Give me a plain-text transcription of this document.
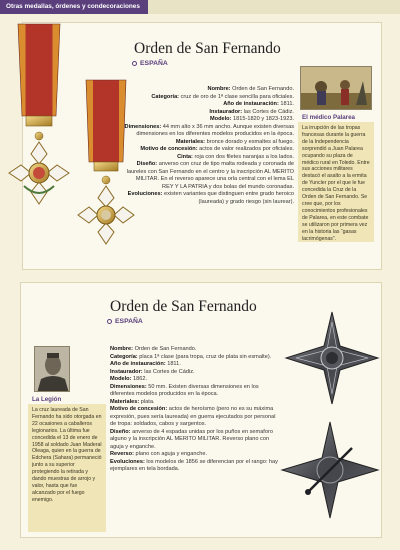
Otras medallas, órdenes y condecoraciones
Orden de San Fernando
ESPAÑA
Nombre: Orden de San Fernando.
Categoría: cruz de oro de 1ª clase sencilla para oficiales.
Año de instauración: 1811.
Instaurador: las Cortes de Cádiz.
Modelo: 1815-1820 y 1823-1923.
Dimensiones: 44 mm alto x 36 mm ancho. Aunque existen diversas dimensiones en los diferentes modelos producidos en la época.
Materiales: bronce dorado y esmaltes al fuego.
Motivo de concesión: actos de valor realizados por oficiales.
Cinta: roja con dos filetes naranjas a los lados.
Diseño: anverso con cruz de tipo malta rodeada y coronada de laureles con San Fernando en el centro y la inscripción AL MERITO MILITAR. En el reverso aparece una orla central con el lema EL REY Y LA PATRIA y dos bolas del mundo coronadas.
Evoluciones: existen variantes que distinguen entre grado heroico (laureada) y grado riesgo (sin laurear).
El médico Palarea
La irrupción de las tropas francesas durante la guerra de la Independencia sorprendió a Juan Palarea ocupando su plaza de médico rural en Toledo. Entre sus acciones militares destacó el asalto a la ermita de Yuncler por el que le fue concedida la Cruz de la Orden de San Fernando. Se cree que, por los conocimientos profesionales de Palarea, en este combate se utilizaron por primera vez en la historia las “gasas lacrimógenas”.
Orden de San Fernando
ESPAÑA
La Legión
La cruz laureada de San Fernando ha sido otorgada en 22 ocasiones a caballeros legionarios. La última fue concedida el 13 de enero de 1958 al soldado Juan Maderal Oleaga, quien en la guerra de Edchera (Sahara) permaneció junto a su superior protegiendo la retirada y dando muestras de arrojo y valor, hasta que fue alcanzado por el fuego enemigo.
Nombre: Orden de San Fernando.
Categoría: placa 1ª clase (para tropa, cruz de plata sin esmalte).
Año de instauración: 1811.
Instaurador: las Cortes de Cádiz.
Modelo: 1862.
Dimensiones: 50 mm. Existen diversas dimensiones en los diferentes modelos producidos en la época.
Materiales: plata.
Motivo de concesión: actos de heroísmo (pero no es su máxima expresión, pues sería laureada) en guerra ejecutados por personal de tropa: soldados, cabos y sargentos.
Diseño: anverso de 4 espadas unidas por los puños en semaforo alguno y la inscripción AL MERITO MILITAR. Reverso plano con aguja y enganche.
Reverso: plano con aguja y enganche.
Evoluciones: los modelos de 1856 se diferencian por el rango: hay ejemplares en tela bordada.
